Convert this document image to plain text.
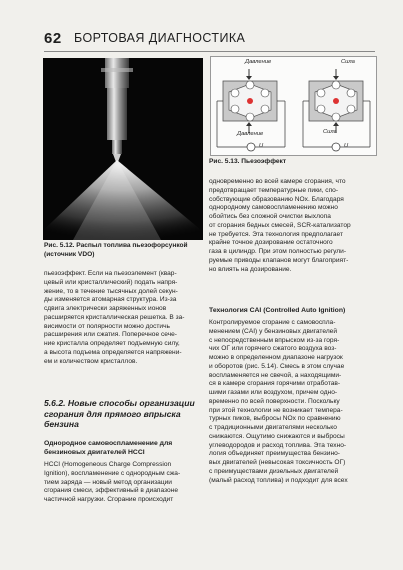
62 БОРТОВАЯ ДИАГНОСТИКА
Рис. 5.12. Распыл топлива пьезофорсункой (источник VDO)
Давление
Давление
Сила
Сила
U	U
Рис. 5.13. Пьезоэффект

пьезоэффект. Если на пьезоэлемент (квар-

цевый или кристаллический) подать напря-

жение, то в течение тысячных долей секун-

ды изменяется атомарная структура. Из-за

сдвига электрически заряженных ионов

расширяется кристаллическая решетка. В за-

висимости от полярности можно достичь

расширения или сжатия. Поперечное сече-

ние кристалла определяет подъемную силу,

а высота подъема определяется напряжени-

ем и количеством кристаллов.

5.6.2. Новые способы организации
сгорания для прямого впрыска
бензина
Однородное самовоспламенение для
бензиновых двигателей HCCI

HCCI (Homogeneous Charge Compression

Ignition), воспламенение с однородным сжа-

тием заряда — новый метод организации

сгорания смеси, эффективный в диапазоне

частичной нагрузки. Сгорание происходит

одновременно во всей камере сгорания, что

предотвращает температурные пики, спо-

собствующие образованию NOx. Благодаря

однородному самовоспламенению можно

обойтись без сложной очистки выхлопа

от сгорания бедных смесей, SCR-катализатор

не требуется. Эта технология предполагает

крайне точное дозирование остаточного

газа в цилиндр. При этом полностью регули-

руемые приводы клапанов могут благоприят-

но влиять на дозирование.

Технология CAI (Controlled Auto Ignition)

Контролируемое сгорание с самовоспла-

менением (CAI) у бензиновых двигателей

с непосредственным впрыском из-за горя-

чих ОГ или горячего сжатого воздуха воз-

можно в определенном диапазоне нагрузок

и оборотов (рис. 5.14). Смесь в этом случае

воспламеняется не свечой, а находящими-

ся в камере сгорания горячими отработав-

шими газами или воздухом, причем одно-

временно по всей поверхности. Поскольку

при этой технологии не возникает темпера-

турных пиков, выбросы NOx по сравнению

с традиционными двигателями несколько

снижаются. Ощутимо снижаются и выбросы

углеводородов и расход топлива. Эта техно-

логия объединяет преимущества бензино-

вых двигателей (невысокая токсичность ОГ)

с преимуществами дизельных двигателей

(малый расход топлива) и подходит для всех
